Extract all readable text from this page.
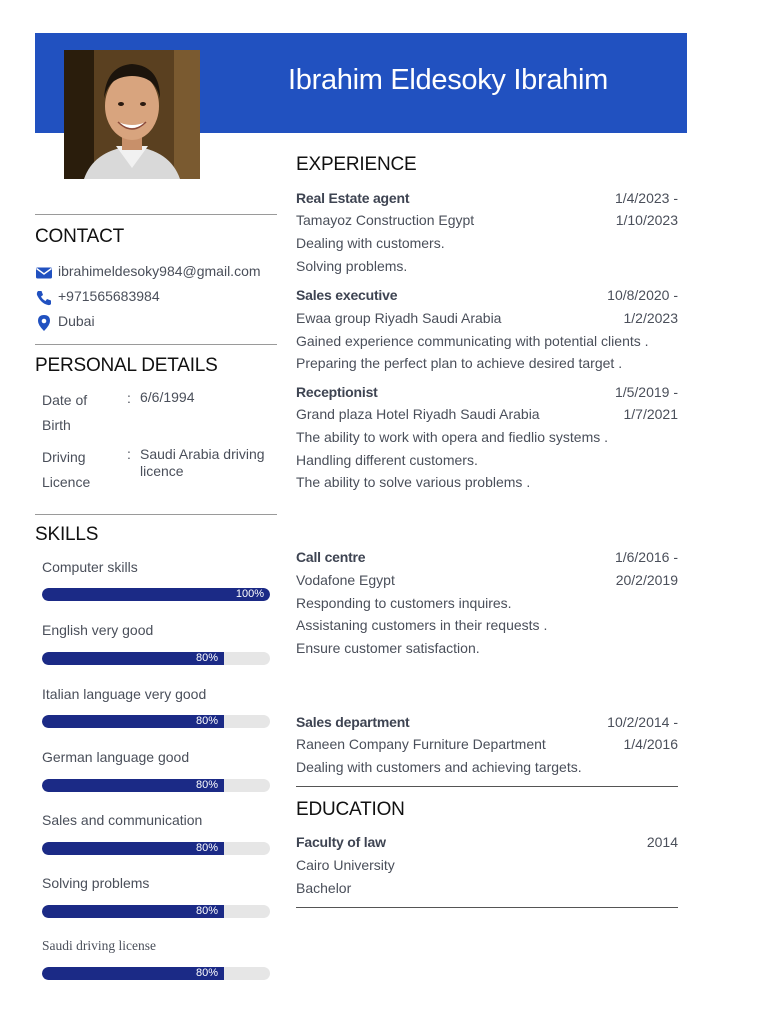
Ibrahim Eldesoky Ibrahim
CONTACT
ibrahimeldesoky984@gmail.com
+971565683984
Dubai
PERSONAL DETAILS
Date of Birth
: 6/6/1994
Driving Licence
: Saudi Arabia driving licence
SKILLS
Computer skills
100%
English very good
80%
Italian language very good
80%
German language good
80%
Sales and communication
80%
Solving problems
80%
Saudi driving license
80%
EXPERIENCE
Real Estate agent	1/4/2023 -
Tamayoz Construction Egypt	1/10/2023
Dealing with customers.
Solving problems.
Sales executive	10/8/2020 -
Ewaa group Riyadh Saudi Arabia	1/2/2023
Gained experience communicating with potential clients .
Preparing the perfect plan to achieve desired target .
Receptionist	1/5/2019 -
Grand plaza Hotel Riyadh Saudi Arabia	1/7/2021
The ability to work with opera and fiedlio systems .
Handling different customers.
The ability to solve various problems .
Call centre	1/6/2016 -
Vodafone Egypt	20/2/2019
Responding to customers inquires.
Assistaning customers in their requests .
Ensure customer satisfaction.
Sales department	10/2/2014 -
Raneen Company Furniture Department	1/4/2016
Dealing with customers and achieving targets.
EDUCATION
Faculty of law	2014
Cairo University
Bachelor
